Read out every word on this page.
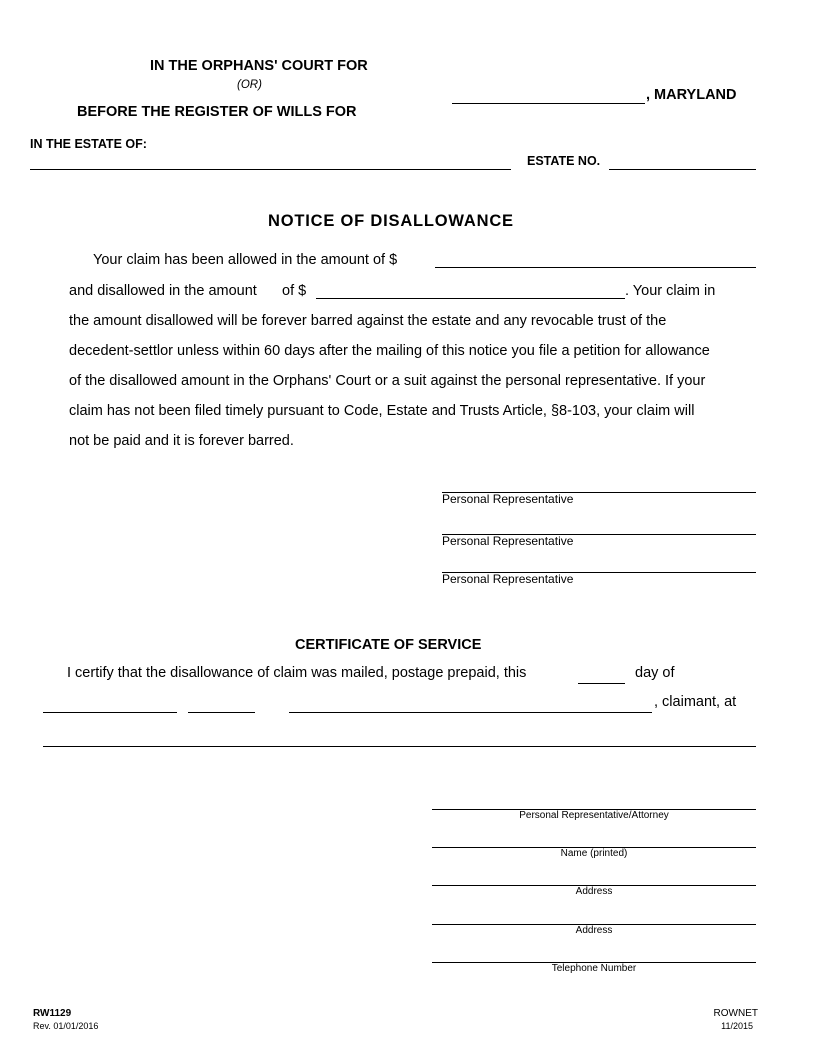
IN THE ORPHANS' COURT FOR
(OR)
BEFORE THE REGISTER OF WILLS FOR
, MARYLAND
IN THE ESTATE OF:
ESTATE NO.
NOTICE OF DISALLOWANCE
Your claim has been allowed in the amount of $
and disallowed in the amount of $	. Your claim in
the amount disallowed will be forever barred against the estate and any revocable trust of the
decedent-settlor unless within 60 days after the mailing of this notice you file a petition for allowance
of the disallowed amount in the Orphans' Court or a suit against the personal representative. If your
claim has not been filed timely pursuant to Code, Estate and Trusts Article, §8-103, your claim will
not be paid and it is forever barred.
Personal Representative
Personal Representative
Personal Representative
CERTIFICATE OF SERVICE
I certify that the disallowance of claim was mailed, postage prepaid, this	day of
, claimant, at
Personal Representative/Attorney
Name (printed)
Address
Address
Telephone Number
RW1129
Rev. 01/01/2016
ROWNET
11/2015
